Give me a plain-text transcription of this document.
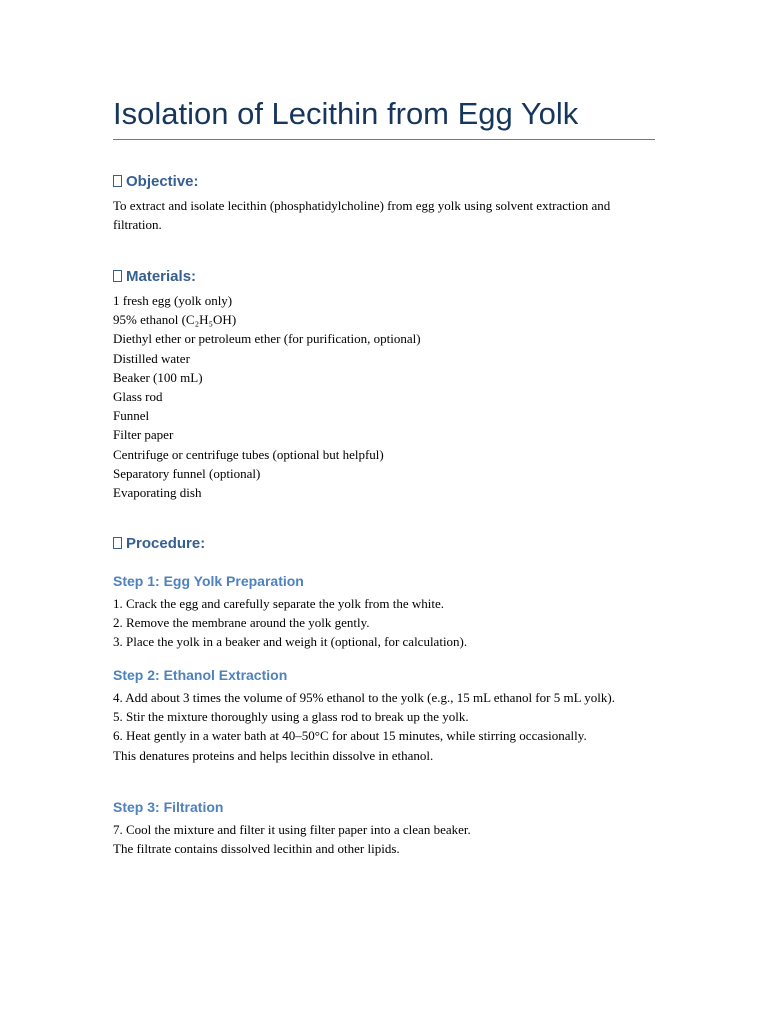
Isolation of Lecithin from Egg Yolk
Objective:

To extract and isolate lecithin (phosphatidylcholine) from egg yolk using solvent extraction and filtration.

Materials:
1 fresh egg (yolk only)
95% ethanol (C₂H₅OH)
Diethyl ether or petroleum ether (for purification, optional)
Distilled water
Beaker (100 mL)
Glass rod
Funnel
Filter paper
Centrifuge or centrifuge tubes (optional but helpful)
Separatory funnel (optional)
Evaporating dish
Procedure:
Step 1: Egg Yolk Preparation
1. Crack the egg and carefully separate the yolk from the white.
2. Remove the membrane around the yolk gently.
3. Place the yolk in a beaker and weigh it (optional, for calculation).
Step 2: Ethanol Extraction
4. Add about 3 times the volume of 95% ethanol to the yolk (e.g., 15 mL ethanol for 5 mL yolk).
5. Stir the mixture thoroughly using a glass rod to break up the yolk.
6. Heat gently in a water bath at 40–50°C for about 15 minutes, while stirring occasionally.
This denatures proteins and helps lecithin dissolve in ethanol.
Step 3: Filtration
7. Cool the mixture and filter it using filter paper into a clean beaker.
The filtrate contains dissolved lecithin and other lipids.
